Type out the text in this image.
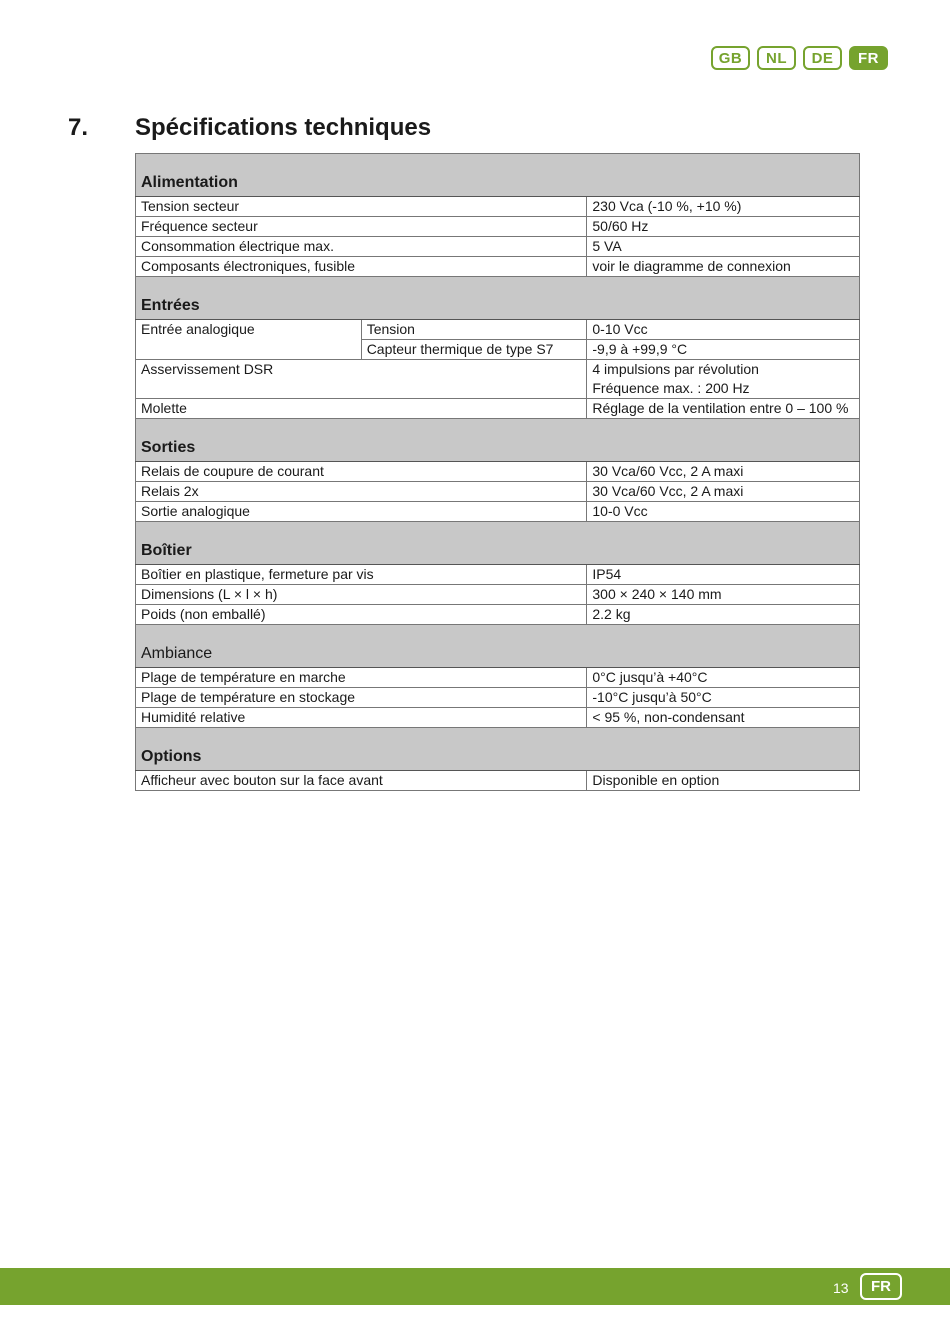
GB	NL	DE	FR
7. Spécifications techniques
Alimentation		
Tension secteur		230 Vca (-10 %, +10 %)
Fréquence secteur		50/60 Hz
Consommation électrique max.		5 VA
Composants électroniques, fusible		voir le diagramme de connexion
Entrées		
Entrée analogique	Tension	0-10 Vcc
	Capteur thermique de type S7	-9,9 à +99,9 °C
Asservissement DSR		4 impulsions par révolution
Fréquence max. : 200 Hz

Molette		Réglage de la ventilation entre 0 – 100 %
Sorties		
Relais de coupure de courant		30 Vca/60 Vcc, 2 A maxi
Relais 2x		30 Vca/60 Vcc, 2 A maxi
Sortie analogique		10-0 Vcc
Boîtier		
Boîtier en plastique, fermeture par vis		IP54
Dimensions (L × l × h)		300 × 240 × 140 mm
Poids (non emballé)		2.2 kg
Ambiance		
Plage de température en marche		0°C jusqu’à +40°C
Plage de température en stockage		-10°C jusqu’à 50°C
Humidité relative		< 95 %, non-condensant
Options		
Afficheur avec bouton sur la face avant		Disponible en option
13	FR
